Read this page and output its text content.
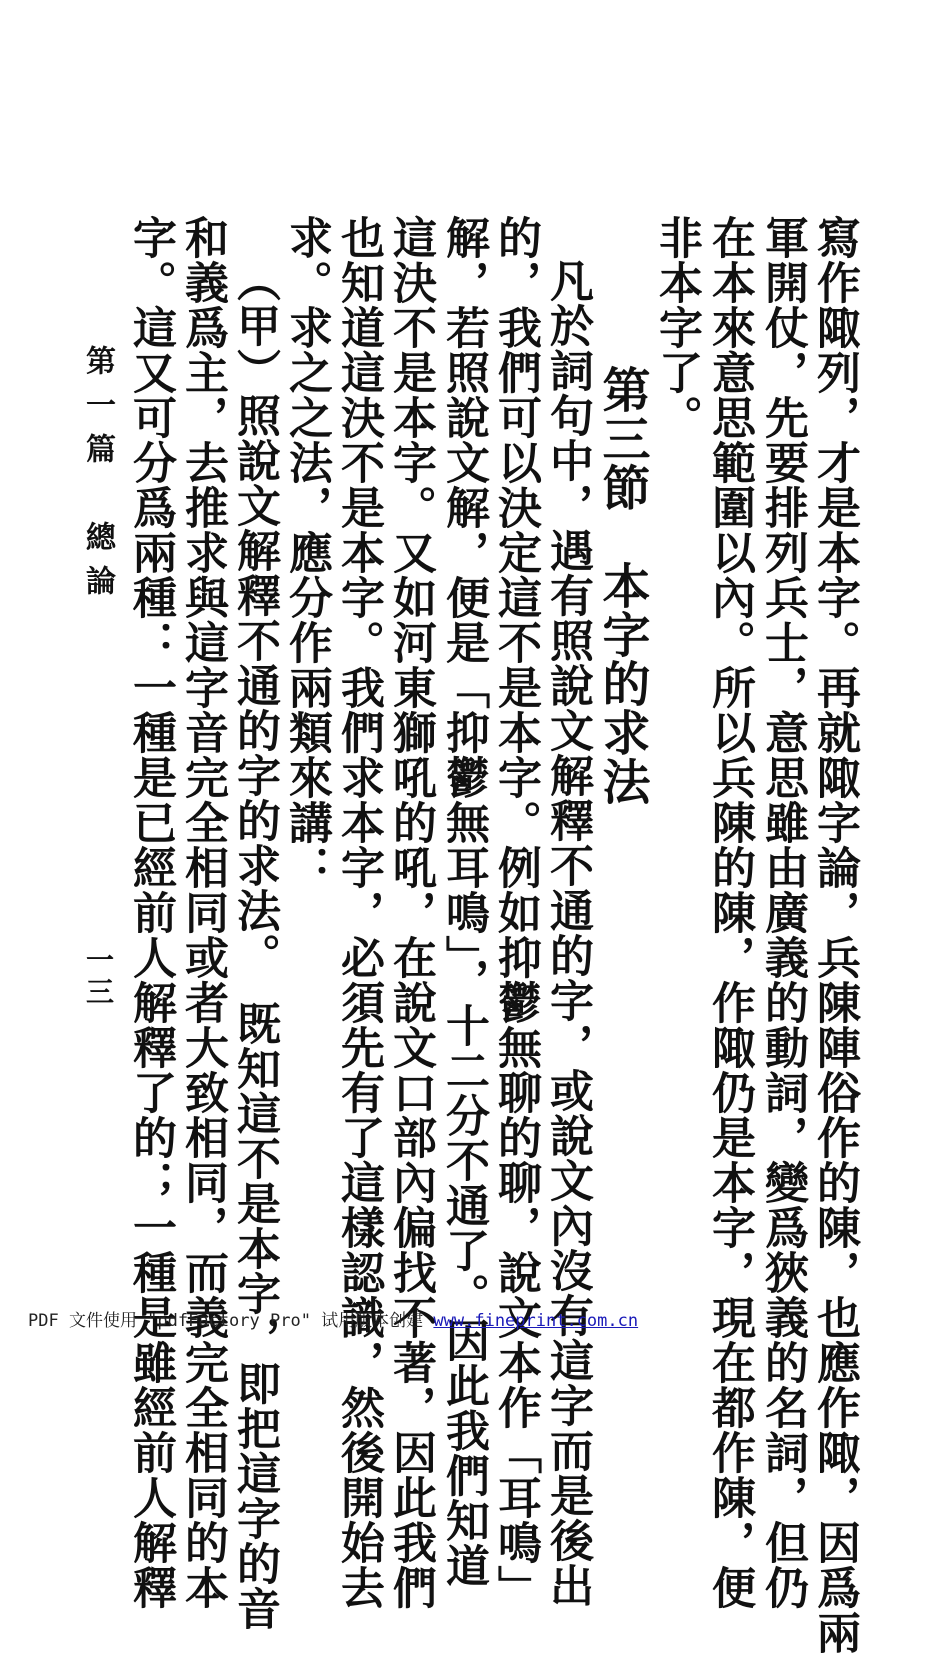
寫作陬列，才是本字。再就陬字論，兵陳陣俗作的陳，也應作陬，因爲兩
軍開仗，先要排列兵士，意思雖由廣義的動詞，變爲狹義的名詞，但仍
在本來意思範圍以內。所以兵陳的陳，作陬仍是本字，現在都作陳，便
非本字了。
第三節　本字的求法
凡於詞句中，遇有照說文解釋不通的字，或說文內沒有這字而是後出
的，我們可以決定這不是本字。例如抑鬱無聊的聊，說文本作「耳鳴」
解，若照說文解，便是「抑鬱無耳鳴」，十二分不通了。因此我們知道
這決不是本字。又如河東獅吼的吼，在說文口部內偏找不著，因此我們
也知道這決不是本字。我們求本字，必須先有了這樣認識，然後開始去
求。求之之法，應分作兩類來講：
（甲）照說文解釋不通的字的求法。　既知這不是本字，即把這字的音
和義爲主，去推求與這字音完全相同或者大致相同，而義完全相同的本
字。這又可分爲兩種：一種是已經前人解釋了的；一種是雖經前人解釋
第一篇　總論
一三
PDF 文件使用 "pdfFactory Pro" 试用版本创建 www.fineprint.com.cn
